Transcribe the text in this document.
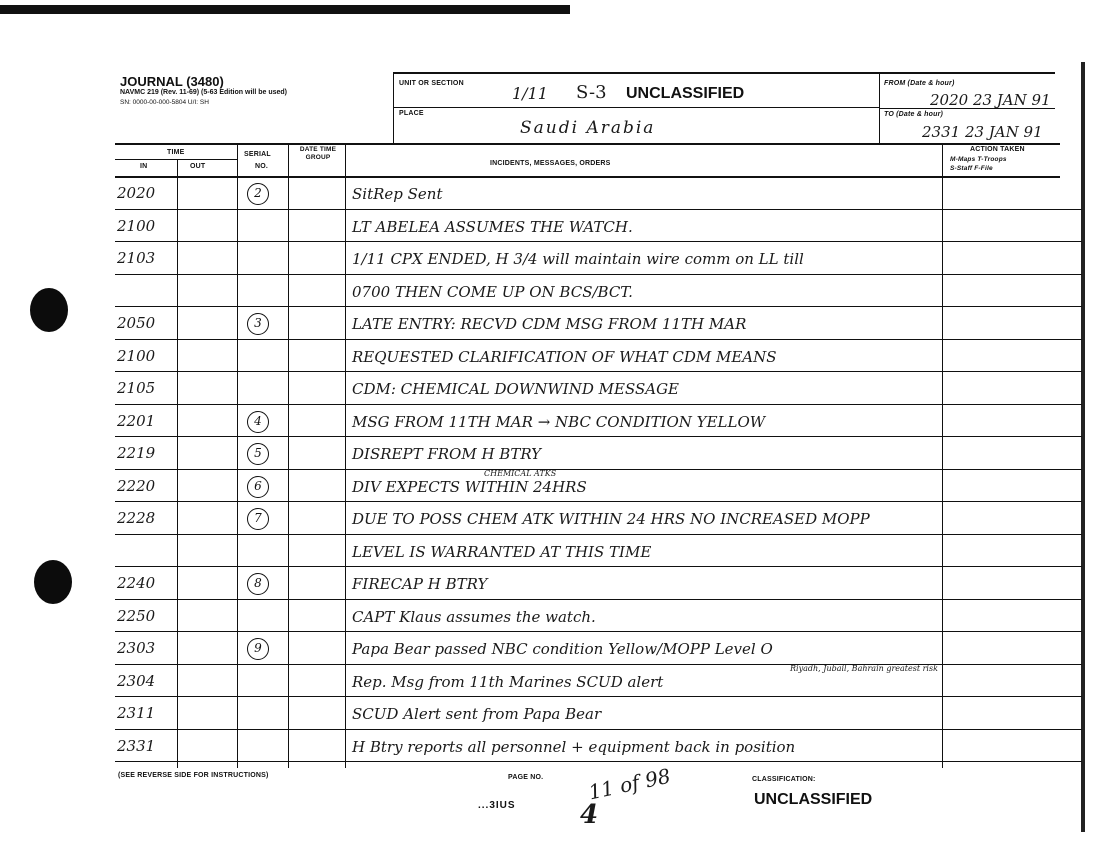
JOURNAL (3480)
NAVMC 219 (Rev. 11-69) (5-63 Edition will be used)
SN: 0000-00-000-5804 U/I: SH
UNIT OR SECTION
1/11 S-3 UNCLASSIFIED
PLACE
Saudi Arabia
FROM (Date & hour)
2020 23 JAN 91
TO (Date & hour)
2331 23 JAN 91
TIME
IN	OUT
SERIAL
NO.
DATE TIME GROUP
INCIDENTS, MESSAGES, ORDERS
ACTION TAKEN
M-Maps T-Troops
S-Staff F-File
2020	2	SitRep Sent
2100	LT ABELEA ASSUMES THE WATCH.
2103	1/11 CPX ENDED, H 3/4 will maintain wire comm on LL till
0700 THEN COME UP ON BCS/BCT.
2050	3	LATE ENTRY: RECVD CDM MSG FROM 11TH MAR
2100	REQUESTED CLARIFICATION OF WHAT CDM MEANS
2105	CDM: CHEMICAL DOWNWIND MESSAGE
2201	4	MSG FROM 11TH MAR → NBC CONDITION YELLOW
2219	5	DISREPT FROM H BTRY
2220	6	DIV EXPECTS WITHIN 24HRS
CHEMICAL ATKS
2228	7	DUE TO POSS CHEM ATK WITHIN 24 HRS NO INCREASED MOPP
LEVEL IS WARRANTED AT THIS TIME
2240	8	FIRECAP H BTRY
2250	CAPT Klaus assumes the watch.
2303	9	Papa Bear passed NBC condition Yellow/MOPP Level O
2304	Rep. Msg from 11th Marines SCUD alert
Riyadh, Jubail, Bahrain greatest risk
2311	SCUD Alert sent from Papa Bear
2331	H Btry reports all personnel + equipment back in position
(SEE REVERSE SIDE FOR INSTRUCTIONS)	PAGE NO. 11 of 98	CLASSIFICATION:
UNCLASSIFIED
...3IUS 4
